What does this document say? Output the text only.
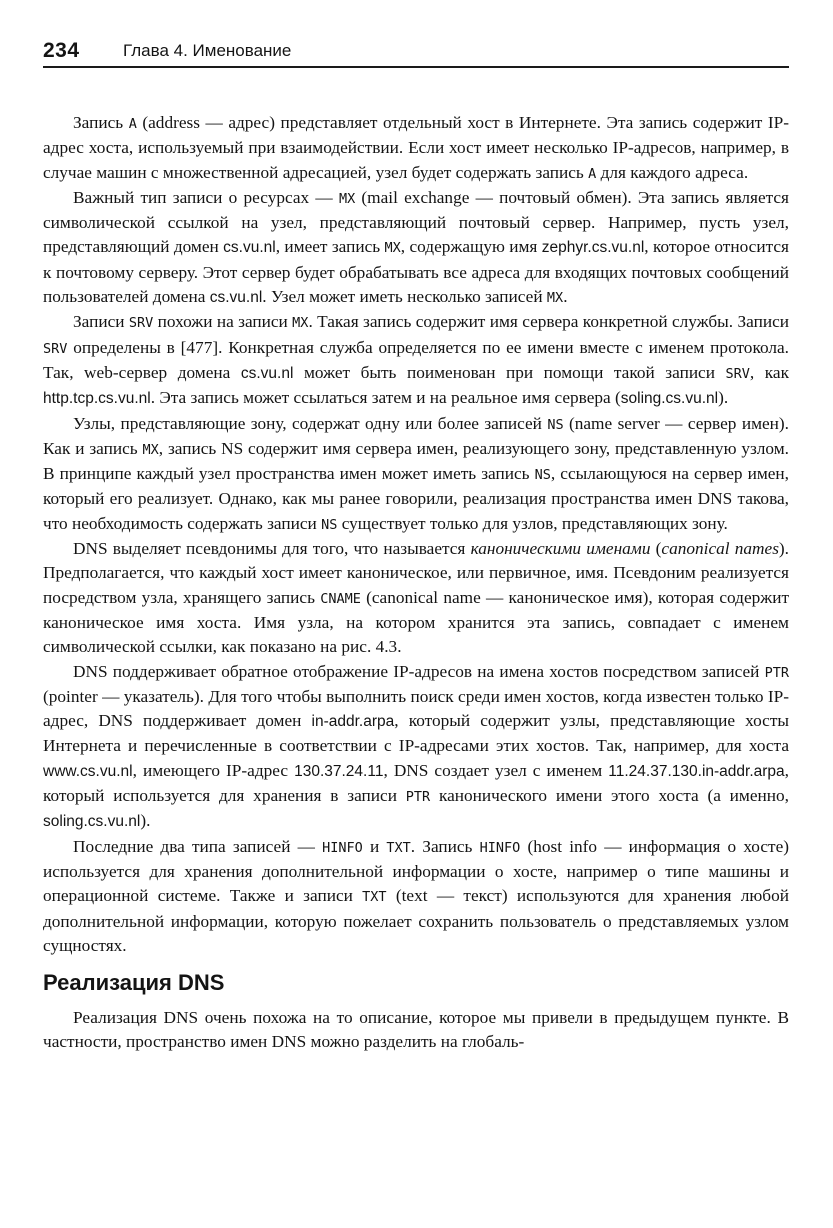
234	Глава 4. Именование

Запись A (address — адрес) представляет отдельный хост в Интернете. Эта запись содержит IP-адрес хоста, используемый при взаимодействии. Если хост имеет несколько IP-адресов, например, в случае машин с множественной адресацией, узел будет содержать запись A для каждого адреса.

Важный тип записи о ресурсах — MX (mail exchange — почтовый обмен). Эта запись является символической ссылкой на узел, представляющий почтовый сервер. Например, пусть узел, представляющий домен cs.vu.nl, имеет запись MX, содержащую имя zephyr.cs.vu.nl, которое относится к почтовому серверу. Этот сервер будет обрабатывать все адреса для входящих почтовых сообщений пользователей домена cs.vu.nl. Узел может иметь несколько записей MX.

Записи SRV похожи на записи MX. Такая запись содержит имя сервера конкретной службы. Записи SRV определены в [477]. Конкретная служба определяется по ее имени вместе с именем протокола. Так, web-сервер домена cs.vu.nl может быть поименован при помощи такой записи SRV, как http.tcp.cs.vu.nl. Эта запись может ссылаться затем и на реальное имя сервера (soling.cs.vu.nl).

Узлы, представляющие зону, содержат одну или более записей NS (name server — сервер имен). Как и запись MX, запись NS содержит имя сервера имен, реализующего зону, представленную узлом. В принципе каждый узел пространства имен может иметь запись NS, ссылающуюся на сервер имен, который его реализует. Однако, как мы ранее говорили, реализация пространства имен DNS такова, что необходимость содержать записи NS существует только для узлов, представляющих зону.

DNS выделяет псевдонимы для того, что называется каноническими именами (canonical names). Предполагается, что каждый хост имеет каноническое, или первичное, имя. Псевдоним реализуется посредством узла, хранящего запись CNAME (canonical name — каноническое имя), которая содержит каноническое имя хоста. Имя узла, на котором хранится эта запись, совпадает с именем символической ссылки, как показано на рис. 4.3.

DNS поддерживает обратное отображение IP-адресов на имена хостов посредством записей PTR (pointer — указатель). Для того чтобы выполнить поиск среди имен хостов, когда известен только IP-адрес, DNS поддерживает домен in-addr.arpa, который содержит узлы, представляющие хосты Интернета и перечисленные в соответствии с IP-адресами этих хостов. Так, например, для хоста www.cs.vu.nl, имеющего IP-адрес 130.37.24.11, DNS создает узел с именем 11.24.37.130.in-addr.arpa, который используется для хранения в записи PTR канонического имени этого хоста (а именно, soling.cs.vu.nl).

Последние два типа записей — HINFO и TXT. Запись HINFO (host info — информация о хосте) используется для хранения дополнительной информации о хосте, например о типе машины и операционной системе. Также и записи TXT (text — текст) используются для хранения любой дополнительной информации, которую пожелает сохранить пользователь о представляемых узлом сущностях.

Реализация DNS

Реализация DNS очень похожа на то описание, которое мы привели в предыдущем пункте. В частности, пространство имен DNS можно разделить на глобаль-
